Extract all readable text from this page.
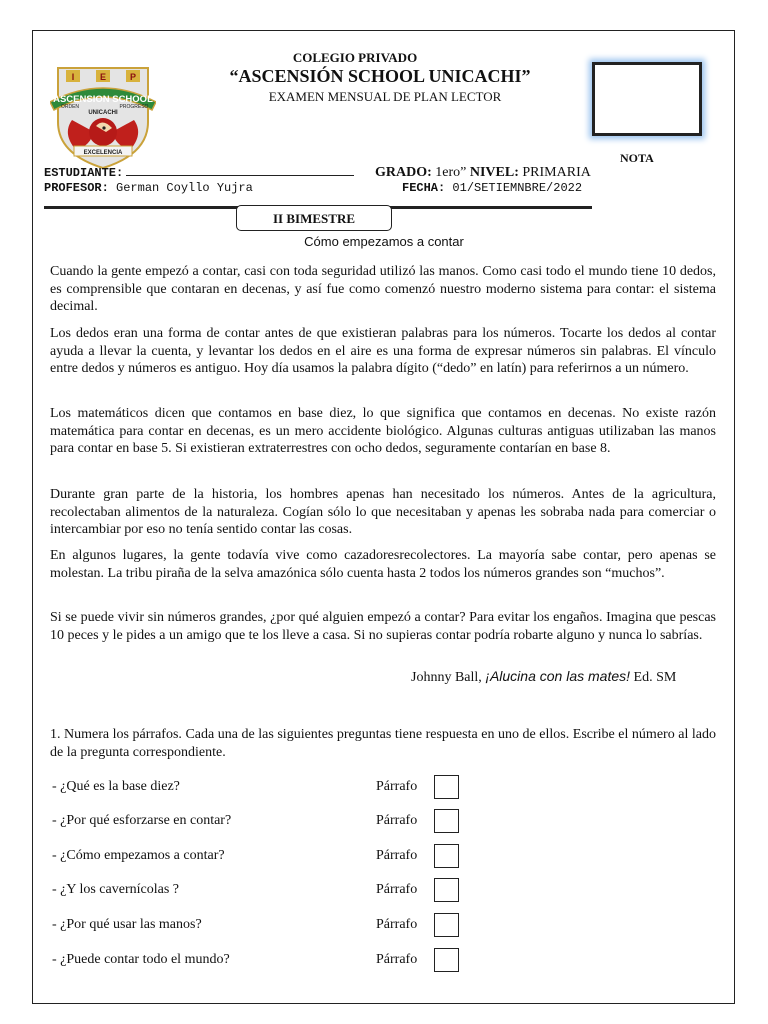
I	E	P
ASCENSION SCHOOL
ORDEN	PROGRESO
UNICACHI
EXCELENCIA
COLEGIO PRIVADO
“ASCENSIÓN SCHOOL UNICACHI”
EXAMEN MENSUAL DE PLAN LECTOR
NOTA
ESTUDIANTE:	GRADO: 1ero” NIVEL: PRIMARIA
PROFESOR: German Coyllo Yujra	FECHA: 01/SETIEMNBRE/2022
II BIMESTRE
Cómo empezamos a contar

Cuando la gente empezó a contar, casi con toda seguridad utilizó las manos. Como casi todo el mundo tiene 10 dedos, es comprensible que contaran en decenas, y así fue como comenzó nuestro moderno sistema para contar: el sistema decimal.

Los dedos eran una forma de contar antes de que existieran palabras para los números. Tocarte los dedos al contar ayuda a llevar la cuenta, y levantar los dedos en el aire es una forma de expresar números sin palabras. El vínculo entre dedos y números es antiguo. Hoy día usamos la palabra dígito (“dedo” en latín) para referirnos a un número.

Los matemáticos dicen que contamos en base diez, lo que significa que contamos en decenas. No existe razón matemática para contar en decenas, es un mero accidente biológico. Algunas culturas antiguas utilizaban las manos para contar en base 5. Si existieran extraterrestres con ocho dedos, seguramente contarían en base 8.

Durante gran parte de la historia, los hombres apenas han necesitado los números. Antes de la agricultura, recolectaban alimentos de la naturaleza. Cogían sólo lo que necesitaban y apenas les sobraba nada para comerciar o intercambiar por eso no tenía sentido contar las cosas.

En algunos lugares, la gente todavía vive como cazadoresrecolectores. La mayoría sabe contar, pero apenas se molestan. La tribu piraña de la selva amazónica sólo cuenta hasta 2 todos los números grandes son “muchos”.

Si se puede vivir sin números grandes, ¿por qué alguien empezó a contar? Para evitar los engaños. Imagina que pescas 10 peces y le pides a un amigo que te los lleve a casa. Si no supieras contar podría robarte alguno y nunca lo sabrías.

Johnny Ball, ¡Alucina con las mates! Ed. SM

1. Numera los párrafos. Cada una de las siguientes preguntas tiene respuesta en uno de ellos. Escribe el número al lado de la pregunta correspondiente.

- ¿Qué es la base diez?	Párrafo
- ¿Por qué esforzarse en contar?	Párrafo
- ¿Cómo empezamos a contar?	Párrafo
- ¿Y los cavernícolas ?	Párrafo
- ¿Por qué usar las manos?	Párrafo
- ¿Puede contar todo el mundo?	Párrafo
